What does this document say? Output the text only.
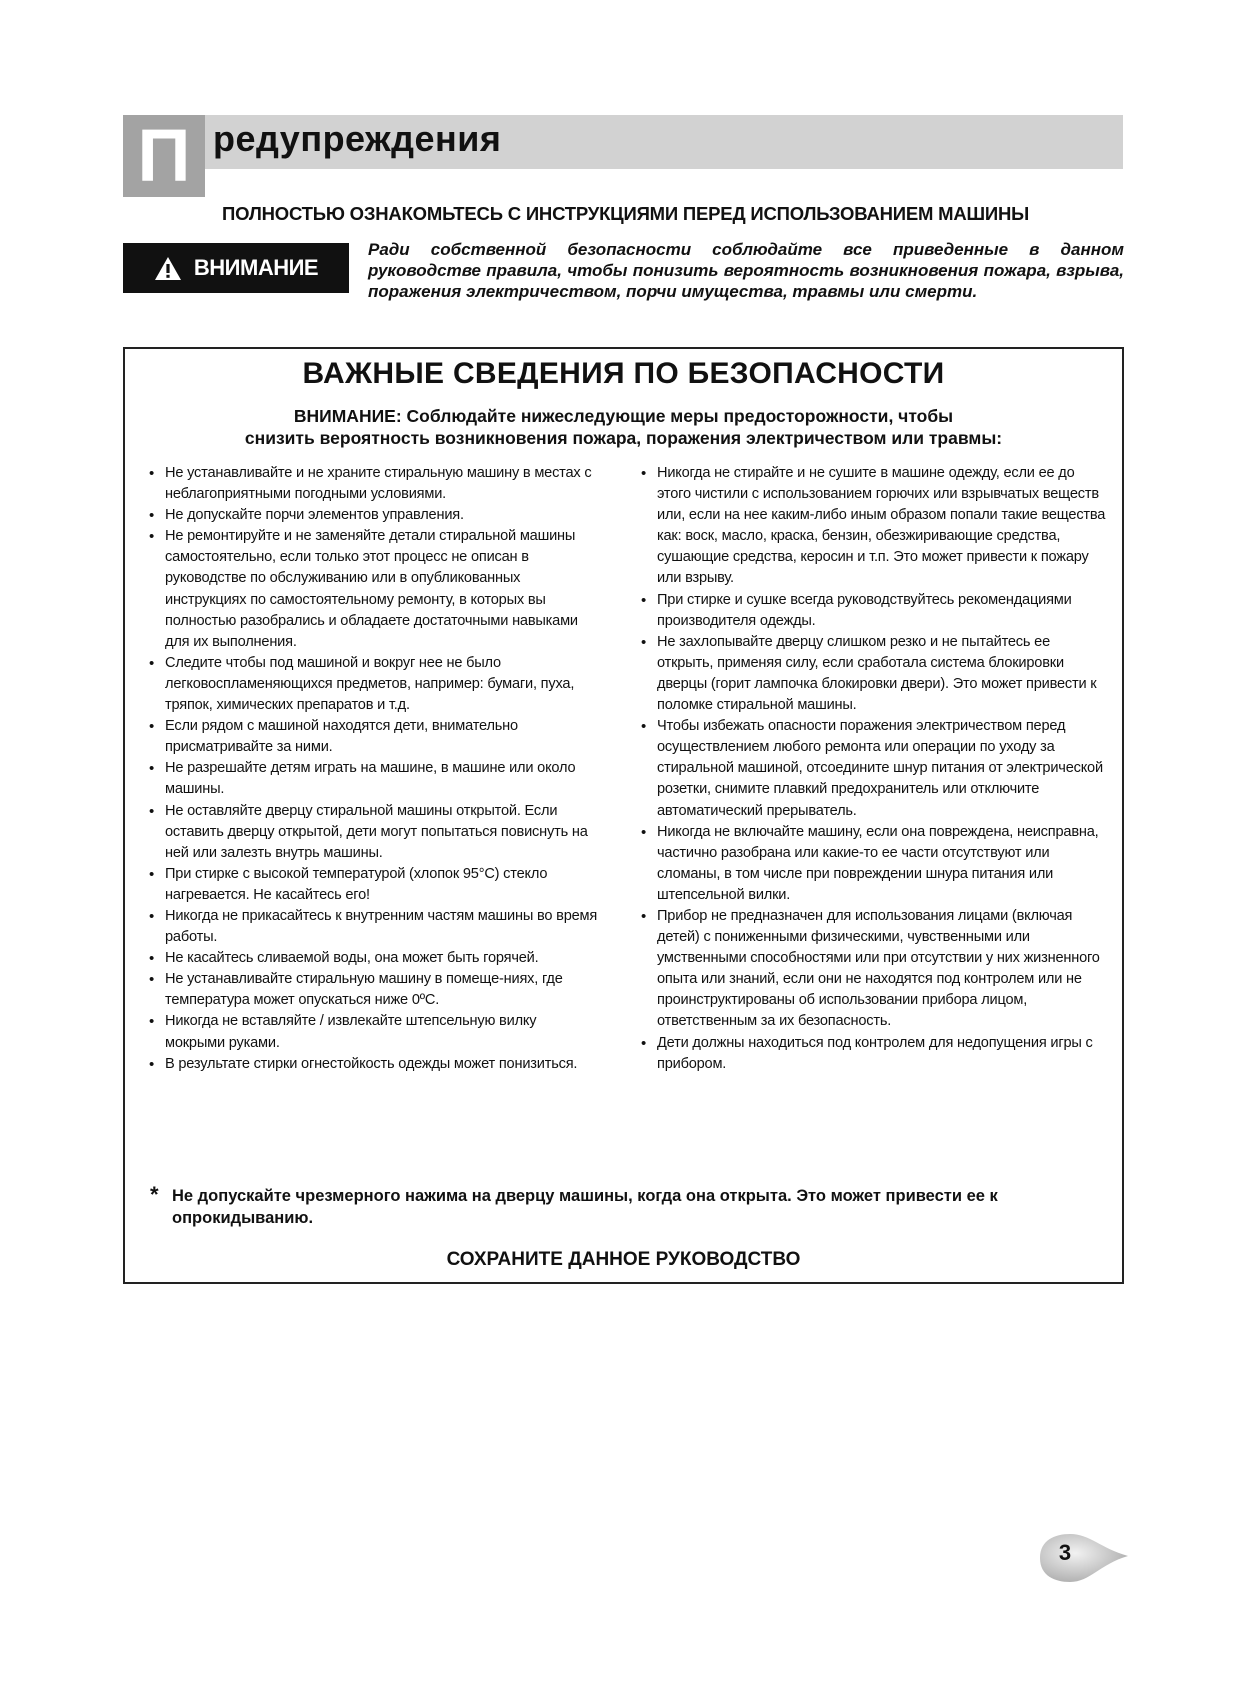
П редупреждения
ПОЛНОСТЬЮ ОЗНАКОМЬТЕСЬ С ИНСТРУКЦИЯМИ ПЕРЕД ИСПОЛЬЗОВАНИЕМ МАШИНЫ
ВНИМАНИЕ
Ради собственной безопасности соблюдайте все приведенные в данном руководстве правила, чтобы понизить вероятность возникновения пожара, взрыва, поражения электричеством, порчи имущества, травмы или смерти.
ВАЖНЫЕ СВЕДЕНИЯ ПО БЕЗОПАСНОСТИ
ВНИМАНИЕ: Соблюдайте нижеследующие меры предосторожности, чтобы
снизить вероятность возникновения пожара, поражения электричеством или травмы:
• Не устанавливайте и не храните стиральную машину в местах с неблагоприятными погодными условиями.
• Не допускайте порчи элементов управления.
• Не ремонтируйте и не заменяйте детали стиральной машины самостоятельно, если только этот процесс не описан в руководстве по обслуживанию или в опубликованных инструкциях по самостоятельному ремонту, в которых вы полностью разобрались и обладаете достаточными навыками для их выполнения.
• Следите чтобы под машиной и вокруг нее не было легковоспламеняющихся предметов, например: бумаги, пуха, тряпок, химических препаратов и т.д.
• Если рядом с машиной находятся дети, внимательно присматривайте за ними.
• Не разрешайте детям играть на машине, в машине или около машины.
• Не оставляйте дверцу стиральной машины открытой. Если оставить дверцу открытой, дети могут попытаться повиснуть на ней или залезть внутрь машины.
• При стирке с высокой температурой (хлопок 95°С) стекло нагревается. Не касайтесь его!
• Никогда не прикасайтесь к внутренним частям машины во время работы.
• Не касайтесь сливаемой воды, она может быть горячей.
• Не устанавливайте стиральную машину в помеще-ниях, где температура может опускаться ниже 0ºС.
• Никогда не вставляйте / извлекайте штепсельную вилку мокрыми руками.
• В результате стирки огнестойкость одежды может понизиться.
• Никогда не стирайте и не сушите в машине одежду, если ее до этого чистили с использованием горючих или взрывчатых веществ или, если на нее каким-либо иным образом попали такие вещества как: воск, масло, краска, бензин, обезжиривающие средства, сушающие средства, керосин и т.п. Это может привести к пожару или взрыву.
• При стирке и сушке всегда руководствуйтесь рекомендациями производителя одежды.
• Не захлопывайте дверцу слишком резко и не пытайтесь ее открыть, применяя силу, если сработала система блокировки дверцы (горит лампочка блокировки двери). Это может привести к поломке стиральной машины.
• Чтобы избежать опасности поражения электричеством перед осуществлением любого ремонта или операции по уходу за стиральной машиной, отсоедините шнур питания от электрической розетки, снимите плавкий предохранитель или отключите автоматический прерыватель.
• Никогда не включайте машину, если она повреждена, неисправна, частично разобрана или какие-то ее части отсутствуют или сломаны, в том числе при повреждении шнура питания или штепсельной вилки.
• Прибор не предназначен для использования лицами (включая детей) с пониженными физическими, чувственными или умственными способностями или при отсутствии у них жизненного опыта или знаний, если они не находятся под контролем или не проинструктированы об использовании прибора лицом, ответственным за их безопасность.
• Дети должны находиться под контролем для недопущения игры с прибором.
* Не допускайте чрезмерного нажима на дверцу машины, когда она открыта. Это может привести ее к опрокидыванию.
СОХРАНИТЕ ДАННОЕ РУКОВОДСТВО
3
